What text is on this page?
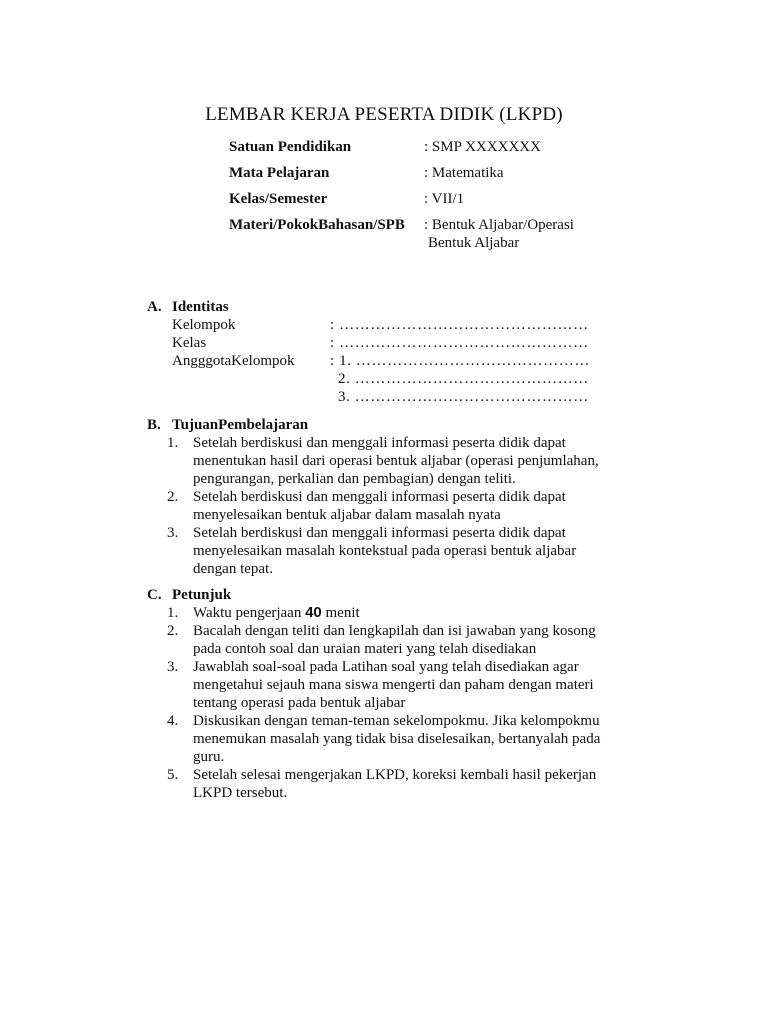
LEMBAR KERJA PESERTA DIDIK (LKPD)
Satuan Pendidikan	: SMP XXXXXXX
Mata Pelajaran	: Matematika
Kelas/Semester	: VII/1
Materi/PokokBahasan/SPB	: Bentuk Aljabar/Operasi
Bentuk Aljabar
A. Identitas
Kelompok	: …………………………………………
Kelas	: …………………………………………
AngggotaKelompok	: 1. ………………………………………
2. ………………………………………
3. ………………………………………
B. TujuanPembelajaran
1. Setelah berdiskusi dan menggali informasi peserta didik dapat menentukan hasil dari operasi bentuk aljabar (operasi penjumlahan, pengurangan, perkalian dan pembagian) dengan teliti.
2. Setelah berdiskusi dan menggali informasi peserta didik dapat menyelesaikan bentuk aljabar dalam masalah nyata
3. Setelah berdiskusi dan menggali informasi peserta didik dapat menyelesaikan masalah kontekstual pada operasi bentuk aljabar dengan tepat.
C. Petunjuk
1. Waktu pengerjaan 40 menit
2. Bacalah dengan teliti dan lengkapilah dan isi jawaban yang kosong pada contoh soal dan uraian materi yang telah disediakan
3. Jawablah soal-soal pada Latihan soal yang telah disediakan agar mengetahui sejauh mana siswa mengerti dan paham dengan materi tentang operasi pada bentuk aljabar
4. Diskusikan dengan teman-teman sekelompokmu. Jika kelompokmu menemukan masalah yang tidak bisa diselesaikan, bertanyalah pada guru.
5. Setelah selesai mengerjakan LKPD, koreksi kembali hasil pekerjan LKPD tersebut.
